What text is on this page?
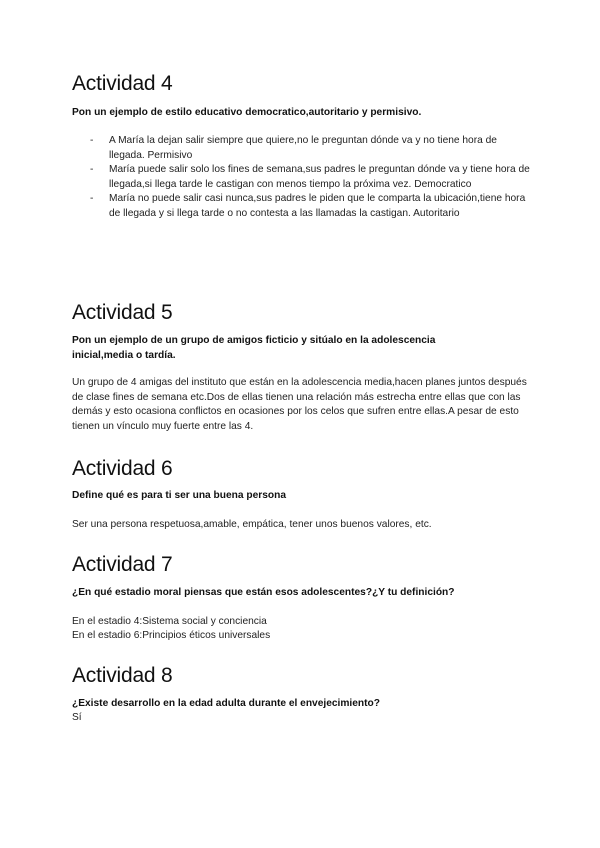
Actividad 4

Pon un ejemplo de estilo educativo democratico,autoritario y permisivo.

- A María la dejan salir siempre que quiere,no le preguntan dónde va y no tiene hora de llegada. Permisivo
- María puede salir solo los fines de semana,sus padres le preguntan dónde va y tiene hora de llegada,si llega tarde le castigan con menos tiempo la próxima vez. Democratico
- María no puede salir casi nunca,sus padres le piden que le comparta la ubicación,tiene hora de llegada y si llega tarde o no contesta a las llamadas la castigan. Autoritario
Actividad 5

Pon un ejemplo de un grupo de amigos ficticio y sitúalo en la adolescencia inicial,media o tardía.

Un grupo de 4 amigas del instituto que están en la adolescencia media,hacen planes juntos después de clase fines de semana etc.Dos de ellas tienen una relación más estrecha entre ellas que con las demás y esto ocasiona conflictos en ocasiones por los celos que sufren entre ellas.A pesar de esto tienen un vínculo muy fuerte entre las 4.

Actividad 6

Define qué es para ti ser una buena persona

Ser una persona respetuosa,amable, empática, tener unos buenos valores, etc.

Actividad 7

¿En qué estadio moral piensas que están esos adolescentes?¿Y tu definición?

En el estadio 4:Sistema social y conciencia

En el estadio 6:Principios éticos universales

Actividad 8

¿Existe desarrollo en la edad adulta durante el envejecimiento?

Sí
